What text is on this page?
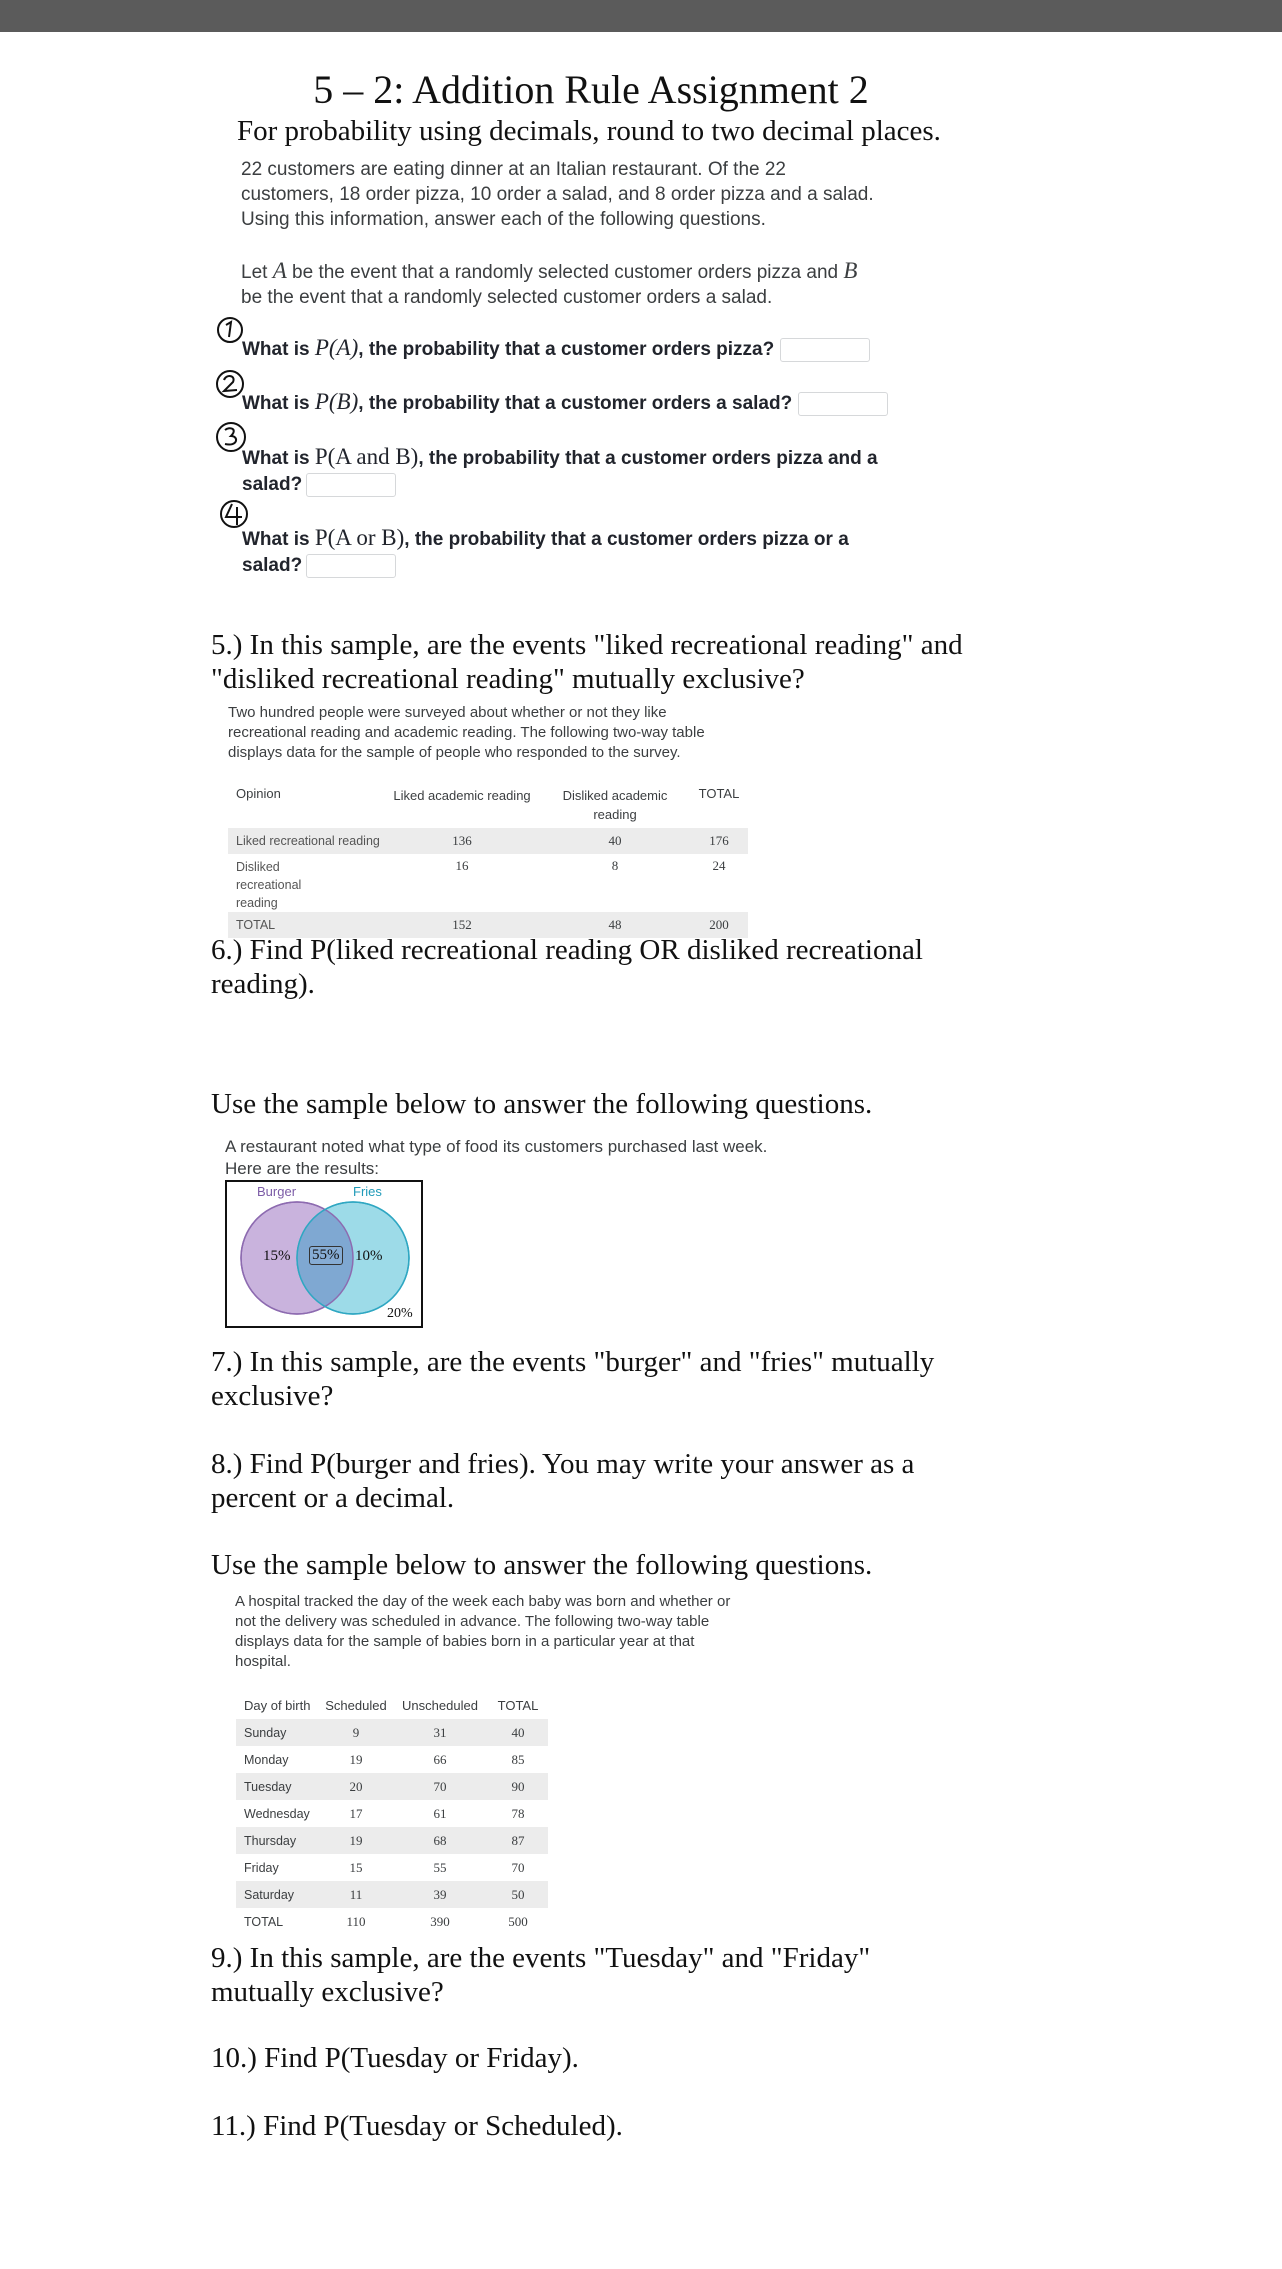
5 – 2: Addition Rule Assignment 2
For probability using decimals, round to two decimal places.
22 customers are eating dinner at an Italian restaurant. Of the 22
customers, 18 order pizza, 10 order a salad, and 8 order pizza and a salad.
Using this information, answer each of the following questions.
Let A be the event that a randomly selected customer orders pizza and B
be the event that a randomly selected customer orders a salad.
What is P(A), the probability that a customer orders pizza?
What is P(B), the probability that a customer orders a salad?
What is P(A and B), the probability that a customer orders pizza and a
salad?
What is P(A or B), the probability that a customer orders pizza or a
salad?
5.) In this sample, are the events "liked recreational reading" and
"disliked recreational reading" mutually exclusive?
Two hundred people were surveyed about whether or not they like
recreational reading and academic reading. The following two-way table
displays data for the sample of people who responded to the survey.
Opinion	Liked academic reading	Disliked academic reading	TOTAL
Liked recreational reading	136	40	176
Disliked recreational reading	16	8	24
TOTAL	152	48	200
6.) Find P(liked recreational reading OR disliked recreational
reading).
Use the sample below to answer the following questions.
A restaurant noted what type of food its customers purchased last week.
Here are the results:
Burger	Fries
15% 55% 10%
20%
7.) In this sample, are the events "burger" and "fries" mutually
exclusive?
8.) Find P(burger and fries). You may write your answer as a
percent or a decimal.
Use the sample below to answer the following questions.
A hospital tracked the day of the week each baby was born and whether or
not the delivery was scheduled in advance. The following two-way table
displays data for the sample of babies born in a particular year at that
hospital.
Day of birth	Scheduled	Unscheduled	TOTAL
Sunday	9	31	40
Monday	19	66	85
Tuesday	20	70	90
Wednesday	17	61	78
Thursday	19	68	87
Friday	15	55	70
Saturday	11	39	50
TOTAL	110	390	500
9.) In this sample, are the events "Tuesday" and "Friday"
mutually exclusive?
10.) Find P(Tuesday or Friday).
11.) Find P(Tuesday or Scheduled).
